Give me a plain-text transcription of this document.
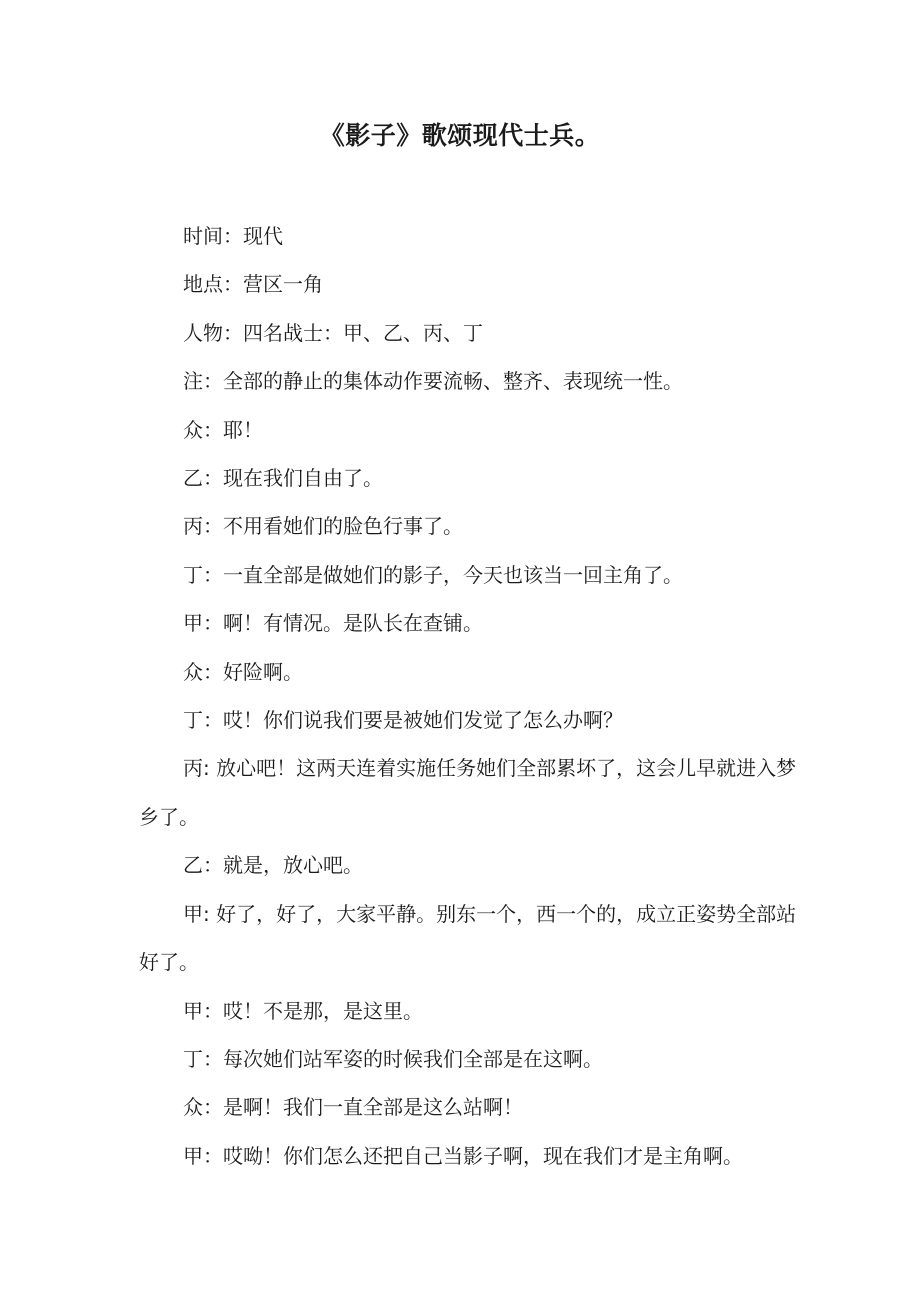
《影子》歌颂现代士兵。

时间：现代

地点：营区一角

人物：四名战士：甲、乙、丙、丁

注：全部的静止的集体动作要流畅、整齐、表现统一性。

众：耶！

乙：现在我们自由了。

丙：不用看她们的脸色行事了。

丁：一直全部是做她们的影子，今天也该当一回主角了。

甲：啊！有情况。是队长在查铺。

众：好险啊。

丁：哎！你们说我们要是被她们发觉了怎么办啊？

丙: 放心吧！这两天连着实施任务她们全部累坏了，这会儿早就进入梦乡了。

乙：就是，放心吧。

甲: 好了，好了，大家平静。别东一个，西一个的，成立正姿势全部站好了。

甲：哎！不是那，是这里。

丁：每次她们站军姿的时候我们全部是在这啊。

众：是啊！我们一直全部是这么站啊！

甲：哎呦！你们怎么还把自己当影子啊，现在我们才是主角啊。
